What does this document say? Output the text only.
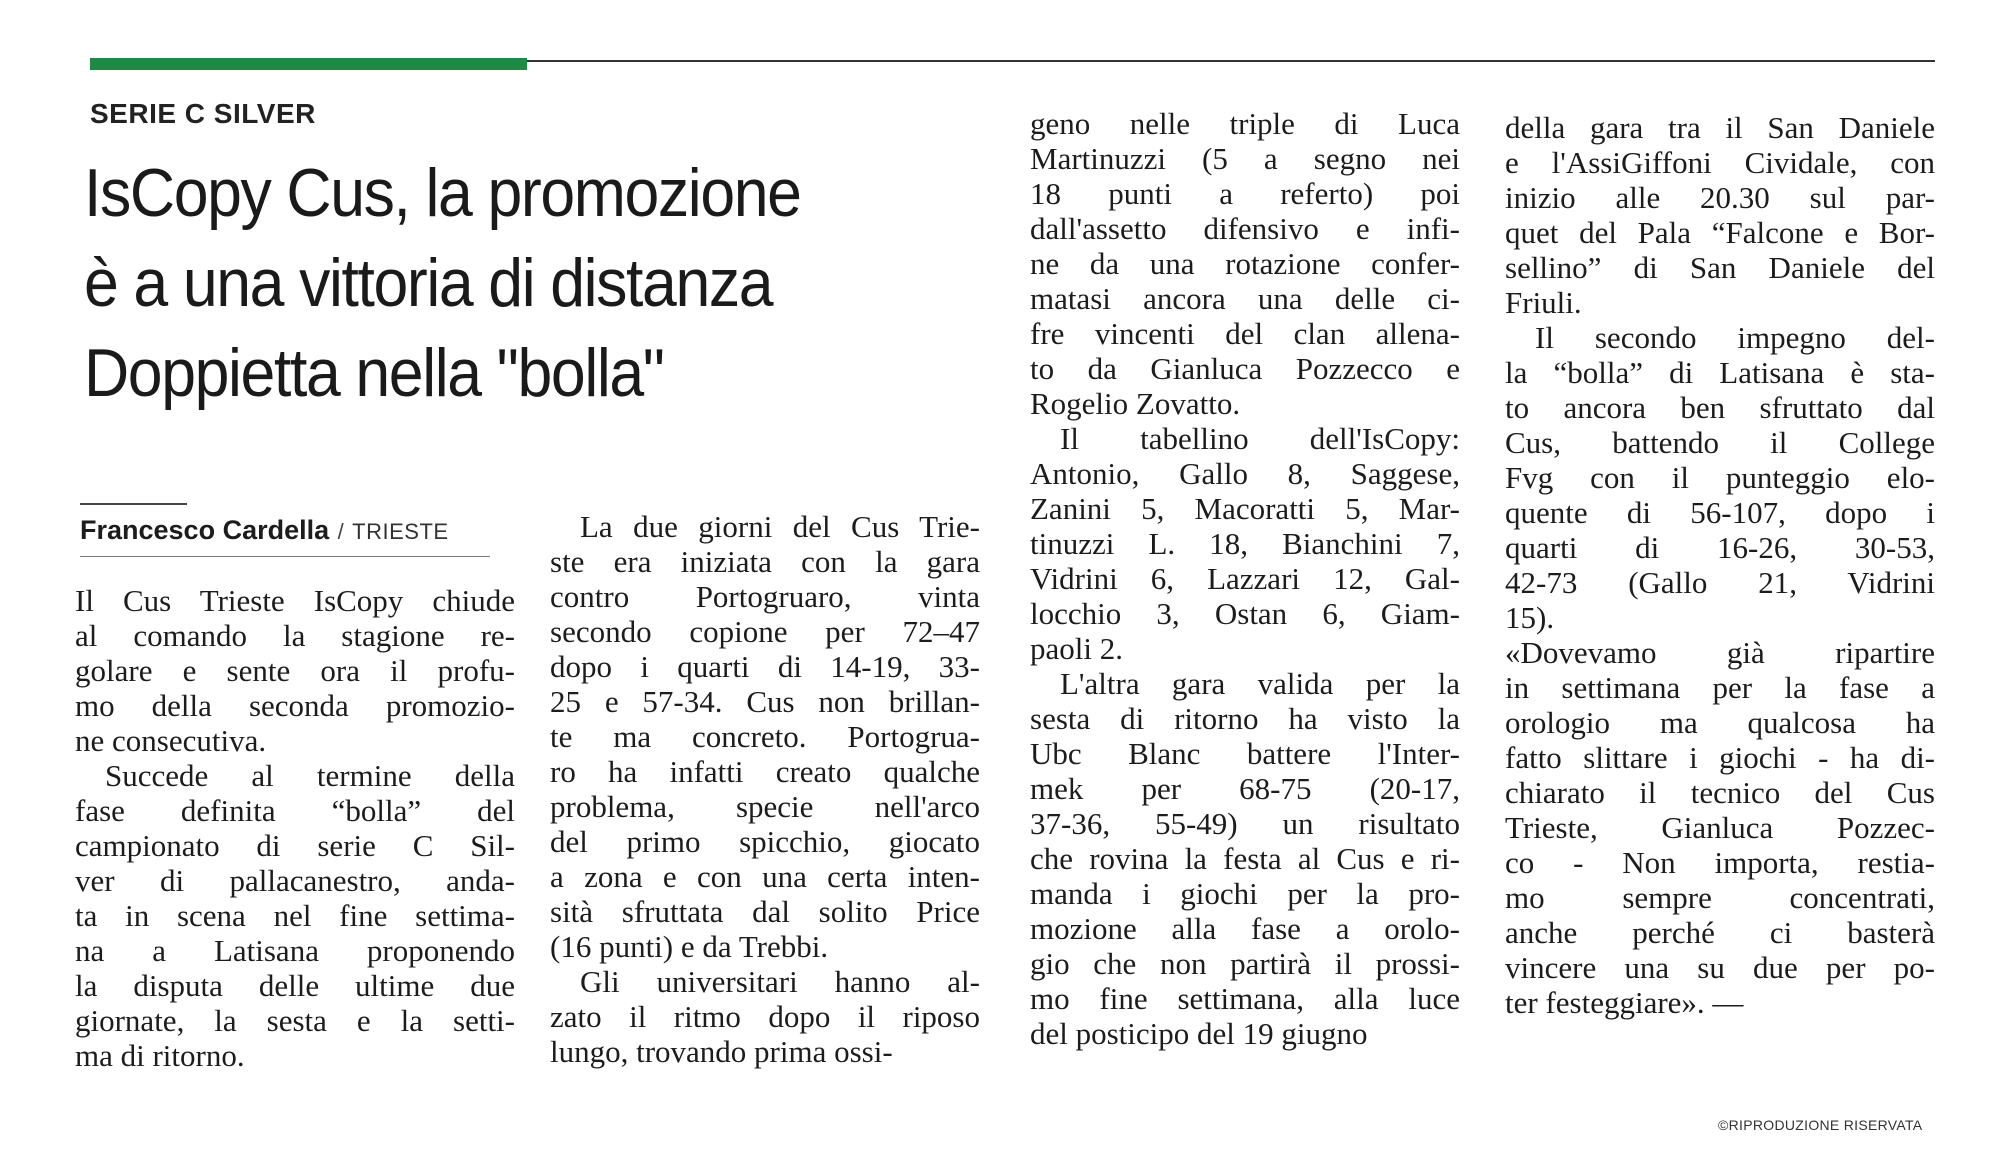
SERIE C SILVER
IsCopy Cus, la promozione
è a una vittoria di distanza
Doppietta nella "bolla"
Francesco Cardella / TRIESTE
Il Cus Trieste IsCopy chiude
al comando la stagione re-
golare e sente ora il profu-
mo della seconda promozio-
ne consecutiva.
Succede al termine della
fase definita “bolla” del
campionato di serie C Sil-
ver di pallacanestro, anda-
ta in scena nel fine settima-
na a Latisana proponendo
la disputa delle ultime due
giornate, la sesta e la setti-
ma di ritorno.
La due giorni del Cus Trie-
ste era iniziata con la gara
contro Portogruaro, vinta
secondo copione per 72–47
dopo i quarti di 14-19, 33-
25 e 57-34. Cus non brillan-
te ma concreto. Portogrua-
ro ha infatti creato qualche
problema, specie nell'arco
del primo spicchio, giocato
a zona e con una certa inten-
sità sfruttata dal solito Price
(16 punti) e da Trebbi.
Gli universitari hanno al-
zato il ritmo dopo il riposo
lungo, trovando prima ossi-
geno nelle triple di Luca
Martinuzzi (5 a segno nei
18 punti a referto) poi
dall'assetto difensivo e infi-
ne da una rotazione confer-
matasi ancora una delle ci-
fre vincenti del clan allena-
to da Gianluca Pozzecco e
Rogelio Zovatto.
Il tabellino dell'IsCopy:
Antonio, Gallo 8, Saggese,
Zanini 5, Macoratti 5, Mar-
tinuzzi L. 18, Bianchini 7,
Vidrini 6, Lazzari 12, Gal-
locchio 3, Ostan 6, Giam-
paoli 2.
L'altra gara valida per la
sesta di ritorno ha visto la
Ubc Blanc battere l'Inter-
mek per 68-75 (20-17,
37-36, 55-49) un risultato
che rovina la festa al Cus e ri-
manda i giochi per la pro-
mozione alla fase a orolo-
gio che non partirà il prossi-
mo fine settimana, alla luce
del posticipo del 19 giugno
della gara tra il San Daniele
e l'AssiGiffoni Cividale, con
inizio alle 20.30 sul par-
quet del Pala “Falcone e Bor-
sellino” di San Daniele del
Friuli.
Il secondo impegno del-
la “bolla” di Latisana è sta-
to ancora ben sfruttato dal
Cus, battendo il College
Fvg con il punteggio elo-
quente di 56-107, dopo i
quarti di 16-26, 30-53,
42-73 (Gallo 21, Vidrini
15).
«Dovevamo già ripartire
in settimana per la fase a
orologio ma qualcosa ha
fatto slittare i giochi - ha di-
chiarato il tecnico del Cus
Trieste, Gianluca Pozzec-
co - Non importa, restia-
mo sempre concentrati,
anche perché ci basterà
vincere una su due per po-
ter festeggiare». —
©RIPRODUZIONE RISERVATA
